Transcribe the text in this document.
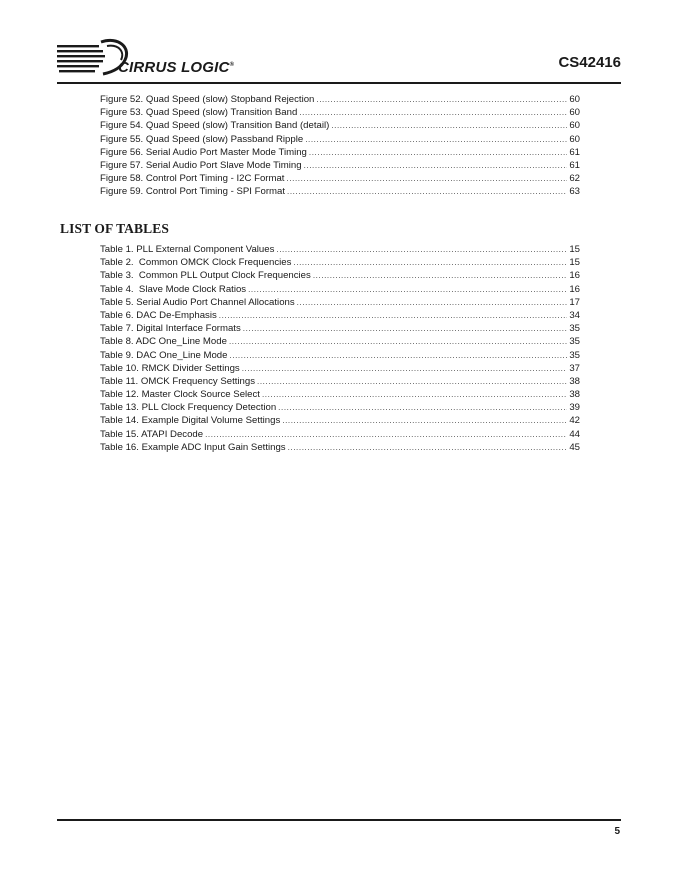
CIRRUS LOGIC®	CS42416
Figure 52. Quad Speed (slow) Stopband Rejection .....	60
Figure 53. Quad Speed (slow) Transition Band .....	60
Figure 54. Quad Speed (slow) Transition Band (detail) .....	60
Figure 55. Quad Speed (slow) Passband Ripple .....	60
Figure 56. Serial Audio Port Master Mode Timing .....	61
Figure 57. Serial Audio Port Slave Mode Timing .....	61
Figure 58. Control Port Timing - I2C Format .....	62
Figure 59. Control Port Timing - SPI Format .....	63
LIST OF TABLES
Table 1. PLL External Component Values .....	15
Table 2.  Common OMCK Clock Frequencies .....	15
Table 3.  Common PLL Output Clock Frequencies .....	16
Table 4.  Slave Mode Clock Ratios .....	16
Table 5. Serial Audio Port Channel Allocations .....	17
Table 6. DAC De-Emphasis .....	34
Table 7. Digital Interface Formats .....	35
Table 8. ADC One_Line Mode .....	35
Table 9. DAC One_Line Mode .....	35
Table 10. RMCK Divider Settings .....	37
Table 11. OMCK Frequency Settings .....	38
Table 12. Master Clock Source Select .....	38
Table 13. PLL Clock Frequency Detection .....	39
Table 14. Example Digital Volume Settings .....	42
Table 15. ATAPI Decode .....	44
Table 16. Example ADC Input Gain Settings .....	45
5
